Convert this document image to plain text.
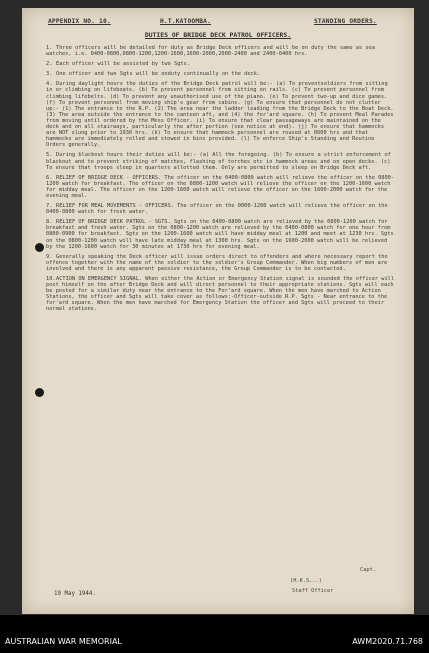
APPENDIX NO. 10.	H.T.KATOOMBA.	STANDING ORDERS.
DUTIES OF BRIDGE DECK PATROL OFFICERS.
1. Three officers will be detailed for duty as Bridge Deck officers and will be on duty the same as sea watches, i.e. 0400-0800,0800-1200,1200-1600,1600-2000,2000-2400 and 2400-0400 hrs.
2. Each officer will be assisted by two Sgts.
3. One officer and two Sgts will be onduty continually on the deck.
4. During daylight hours the duties of the Bridge Deck patrol will be:- (a) To preventsoldiers from sitting in or climbing on lifeboats. (b) To prevent personnel from sitting on rails. (c) To prevent personnel from climbing lifebelts. (d) To prevent any unauthorised use of the piano. (e) To prevent two-up and dice games. (f) To prevent personnel from moving ship's gear from cabins. (g) To ensure that personnel do not clutter up:- (1) The entrance to the R.P. (2) The area near the ladder leading from the Bridge Deck to the Boat Deck. (3) The area outside the entrance to the canteen aft, and (4) the for'ard square. (h) To prevent Meal Parades from moving until ordered by the Mess Officer. (i) To ensure that clear passageways are maintained on the deck and on all stairways, particularly the after portion (see notice at end). (j) To ensure that hammocks are NOT slung prior to 1930 hrs. (k) To ensure that hammock personnel are roused at 0600 hrs and that hammocks are immediately rolled and stowed in bins provided. (l) To enforce Ship's Standing and Routine Orders generally.
5. During blackout hours their duties will be:- (a) All the foregoing. (b) To ensure a strict enforcement of blackout and to prevent striking of matches, flashing of torches etc in hammock areas and on open decks. (c) To ensure that troops sleep in quarters allotted them. Only are permitted to sleep on Bridge Deck aft.
6. RELIEF OF BRIDGE DECK - OFFICERS. The officer on the 0400-0800 watch will relieve the officer on the 0800-1200 watch for breakfast. The officer on the 0800-1200 watch will relieve the officer on the 1200-1600 watch for midday meal. The officer on the 1200-1600 watch will relieve the officer on the 1600-2000 watch for the evening meal.
7. RELIEF FOR MEAL MOVEMENTS - OFFICERS. The officer on the 0000-1200 watch will relieve the officer on the 0400-0800 watch for fresh water.
8. RELIEF OF BRIDGE DECK PATROL - SGTS. Sgts on the 0400-0800 watch are relieved by the 0800-1200 watch for breakfast and fresh water. Sgts on the 0800-1200 watch are relieved by the 0400-0800 watch for one hour from 0800-0900 for breakfast. Sgts on the 1200-1600 watch will have midday meal at 1200 and meet at 1230 hrs. Sgts on the 0800-1200 watch will have late midday meal at 1300 hrs. Sgts on the 1600-2000 watch will be relieved by the 1200-1600 watch for 30 minutes at 1730 hrs for evening meal.
9. Generally speaking the Deck officer will issue orders direct to offenders and where necessary report the offence together with the name of the soldier to the soldier's Group Commander. When big numbers of men are involved and there is any apparent passive resistance, the Group Commander is to be contacted.
10.ACTION ON EMERGENCY SIGNAL. When either the Action or Emergency Station signal is sounded the officer will post himself on the after Bridge Deck and will direct personnel to their appropriate stations. Sgts will each be posted for a similar duty near the entrance to the For'ard square. When the men have marched to Action Stations, the officer and Sgts will take cover as follows:-Officer-outside R.P. Sgts - Near entrance to the for'ard square. When the men have marched for Emergency Station the officer and Sgts will proceed to their normal stations.
Capt.
(H.K.S...)
Staff Officer
19 May 1944.
AUSTRALIAN WAR MEMORIAL	AWM2020.71.768
